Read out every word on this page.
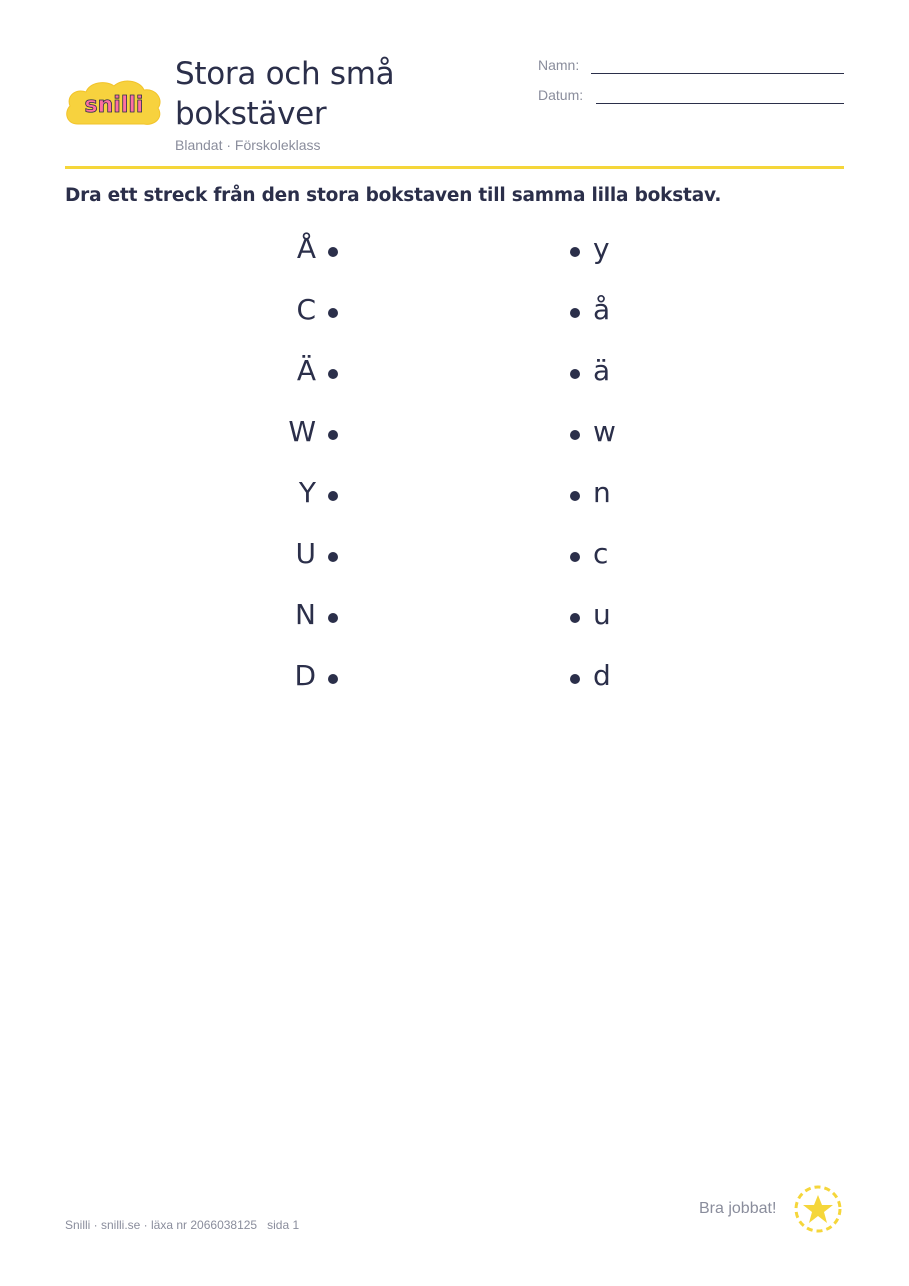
snilli
Stora och små bokstäver
Blandat · Förskoleklass
Namn:
Datum:
Dra ett streck från den stora bokstaven till samma lilla bokstav.
Å	y
C	å
Ä	ä
W	w
Y	n
U	c
N	u
D	d
Snilli · snilli.se · läxa nr 2066038125   sida 1
Bra jobbat!
